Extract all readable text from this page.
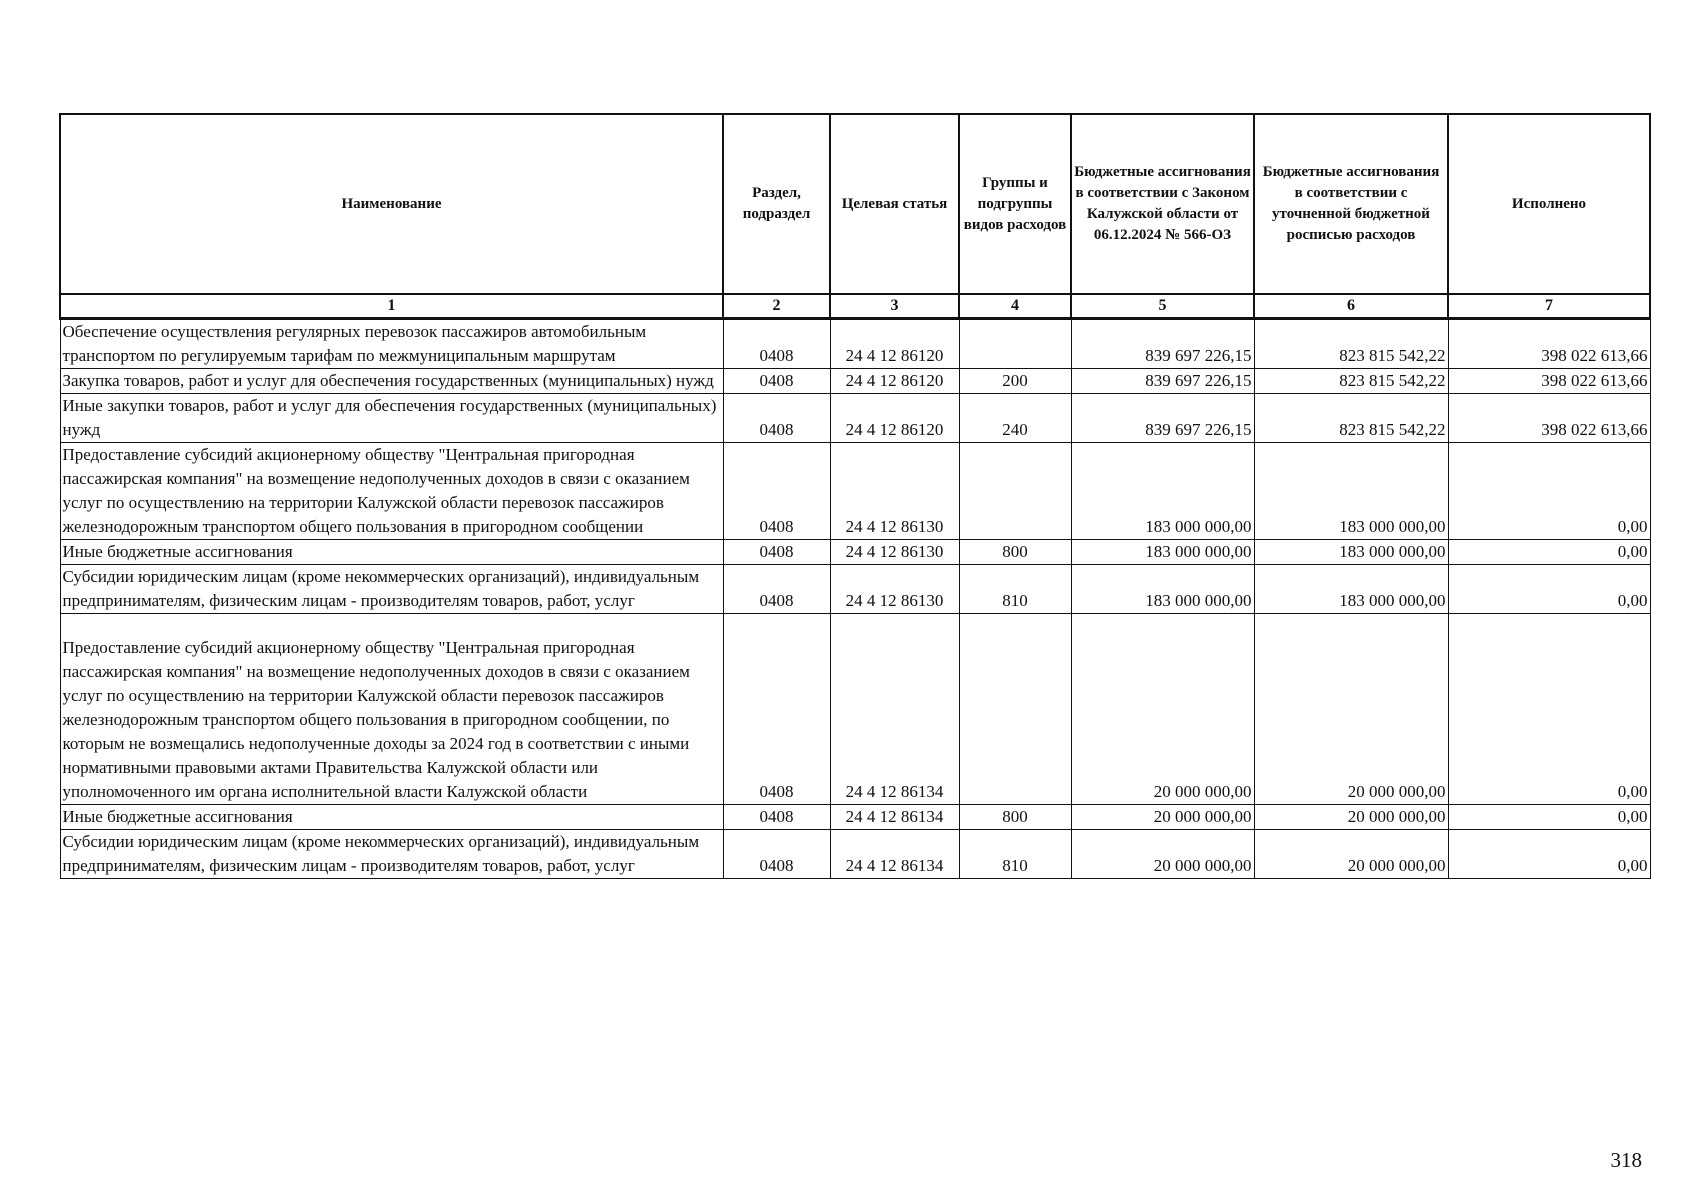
Наименование	Раздел, подраздел	Целевая статья	Группы и подгруппы видов расходов	Бюджетные ассигнования в соответствии с Законом Калужской области от 06.12.2024 № 566-ОЗ	Бюджетные ассигнования в соответствии с уточненной бюджетной росписью расходов	Исполнено
1	2	3	4	5	6	7
Обеспечение осуществления регулярных перевозок пассажиров автомобильным транспортом по регулируемым тарифам по межмуниципальным маршрутам	0408	24 4 12 86120		839 697 226,15	823 815 542,22	398 022 613,66
Закупка товаров, работ и услуг для обеспечения государственных (муниципальных) нужд	0408	24 4 12 86120	200	839 697 226,15	823 815 542,22	398 022 613,66
Иные закупки товаров, работ и услуг для обеспечения государственных (муниципальных) нужд	0408	24 4 12 86120	240	839 697 226,15	823 815 542,22	398 022 613,66
Предоставление субсидий акционерному обществу "Центральная пригородная пассажирская компания" на возмещение недополученных доходов в связи с оказанием услуг по осуществлению на территории Калужской области перевозок пассажиров железнодорожным транспортом общего пользования в пригородном сообщении	0408	24 4 12 86130		183 000 000,00	183 000 000,00	0,00
Иные бюджетные ассигнования	0408	24 4 12 86130	800	183 000 000,00	183 000 000,00	0,00
Субсидии юридическим лицам (кроме некоммерческих организаций), индивидуальным предпринимателям, физическим лицам - производителям товаров, работ, услуг	0408	24 4 12 86130	810	183 000 000,00	183 000 000,00	0,00
Предоставление субсидий акционерному обществу "Центральная пригородная пассажирская компания" на возмещение недополученных доходов в связи с оказанием услуг по осуществлению на территории Калужской области перевозок пассажиров железнодорожным транспортом общего пользования в пригородном сообщении, по которым не возмещались недополученные доходы за 2024 год в соответствии с иными нормативными правовыми актами Правительства Калужской области или уполномоченного им органа исполнительной власти Калужской области	0408	24 4 12 86134		20 000 000,00	20 000 000,00	0,00
Иные бюджетные ассигнования	0408	24 4 12 86134	800	20 000 000,00	20 000 000,00	0,00
Субсидии юридическим лицам (кроме некоммерческих организаций), индивидуальным предпринимателям, физическим лицам - производителям товаров, работ, услуг	0408	24 4 12 86134	810	20 000 000,00	20 000 000,00	0,00
318
